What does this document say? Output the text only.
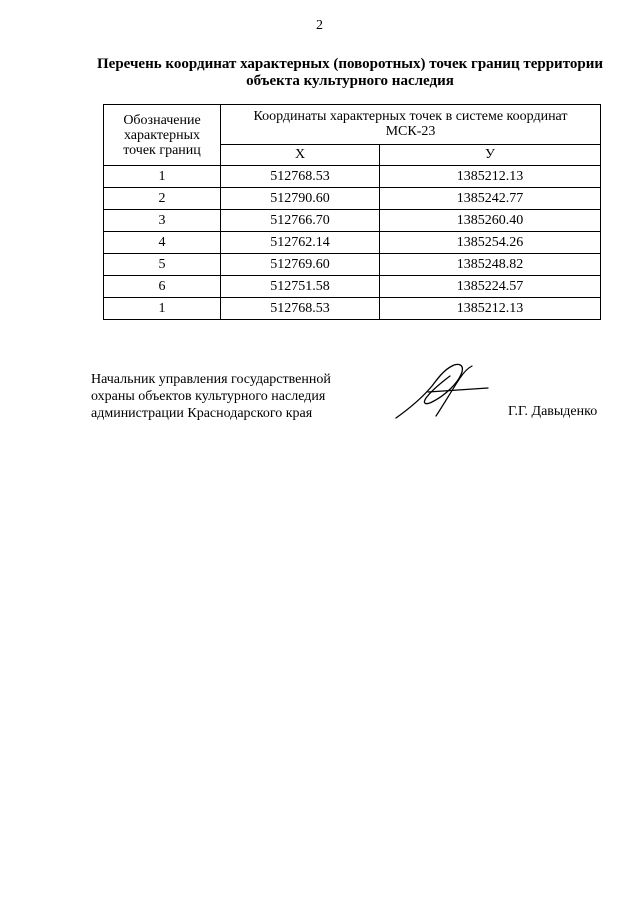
2
Перечень координат характерных (поворотных) точек границ территории
объекта культурного наследия
Обозначение
характерных
точек границ	Координаты характерных точек в системе координат
МСК-23	
	X	У
1	512768.53	1385212.13
2	512790.60	1385242.77
3	512766.70	1385260.40
4	512762.14	1385254.26
5	512769.60	1385248.82
6	512751.58	1385224.57
1	512768.53	1385212.13
Начальник управления государственной
охраны объектов культурного наследия
администрации Краснодарского края	Г.Г. Давыденко
